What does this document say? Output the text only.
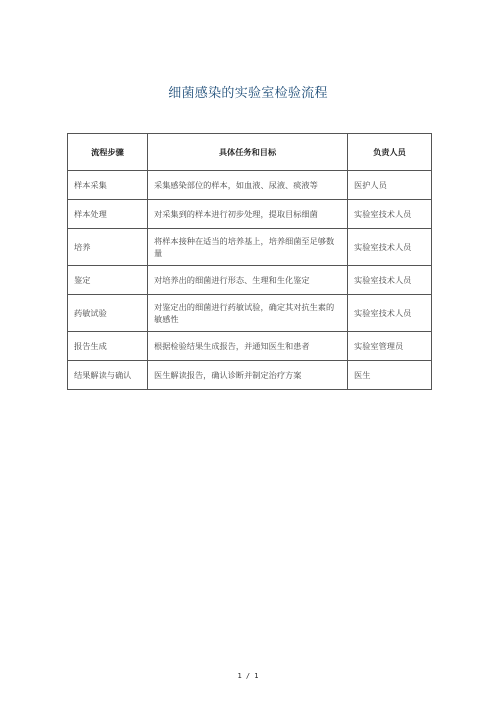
细菌感染的实验室检验流程
流程步骤	具体任务和目标	负责人员
样本采集	采集感染部位的样本，如血液、尿液、痰液等	医护人员
样本处理	对采集到的样本进行初步处理，提取目标细菌	实验室技术人员
培养	将样本接种在适当的培养基上，培养细菌至足够数量	实验室技术人员
鉴定	对培养出的细菌进行形态、生理和生化鉴定	实验室技术人员
药敏试验	对鉴定出的细菌进行药敏试验，确定其对抗生素的敏感性	实验室技术人员
报告生成	根据检验结果生成报告，并通知医生和患者	实验室管理员
结果解读与确认	医生解读报告，确认诊断并制定治疗方案	医生
1 / 1
